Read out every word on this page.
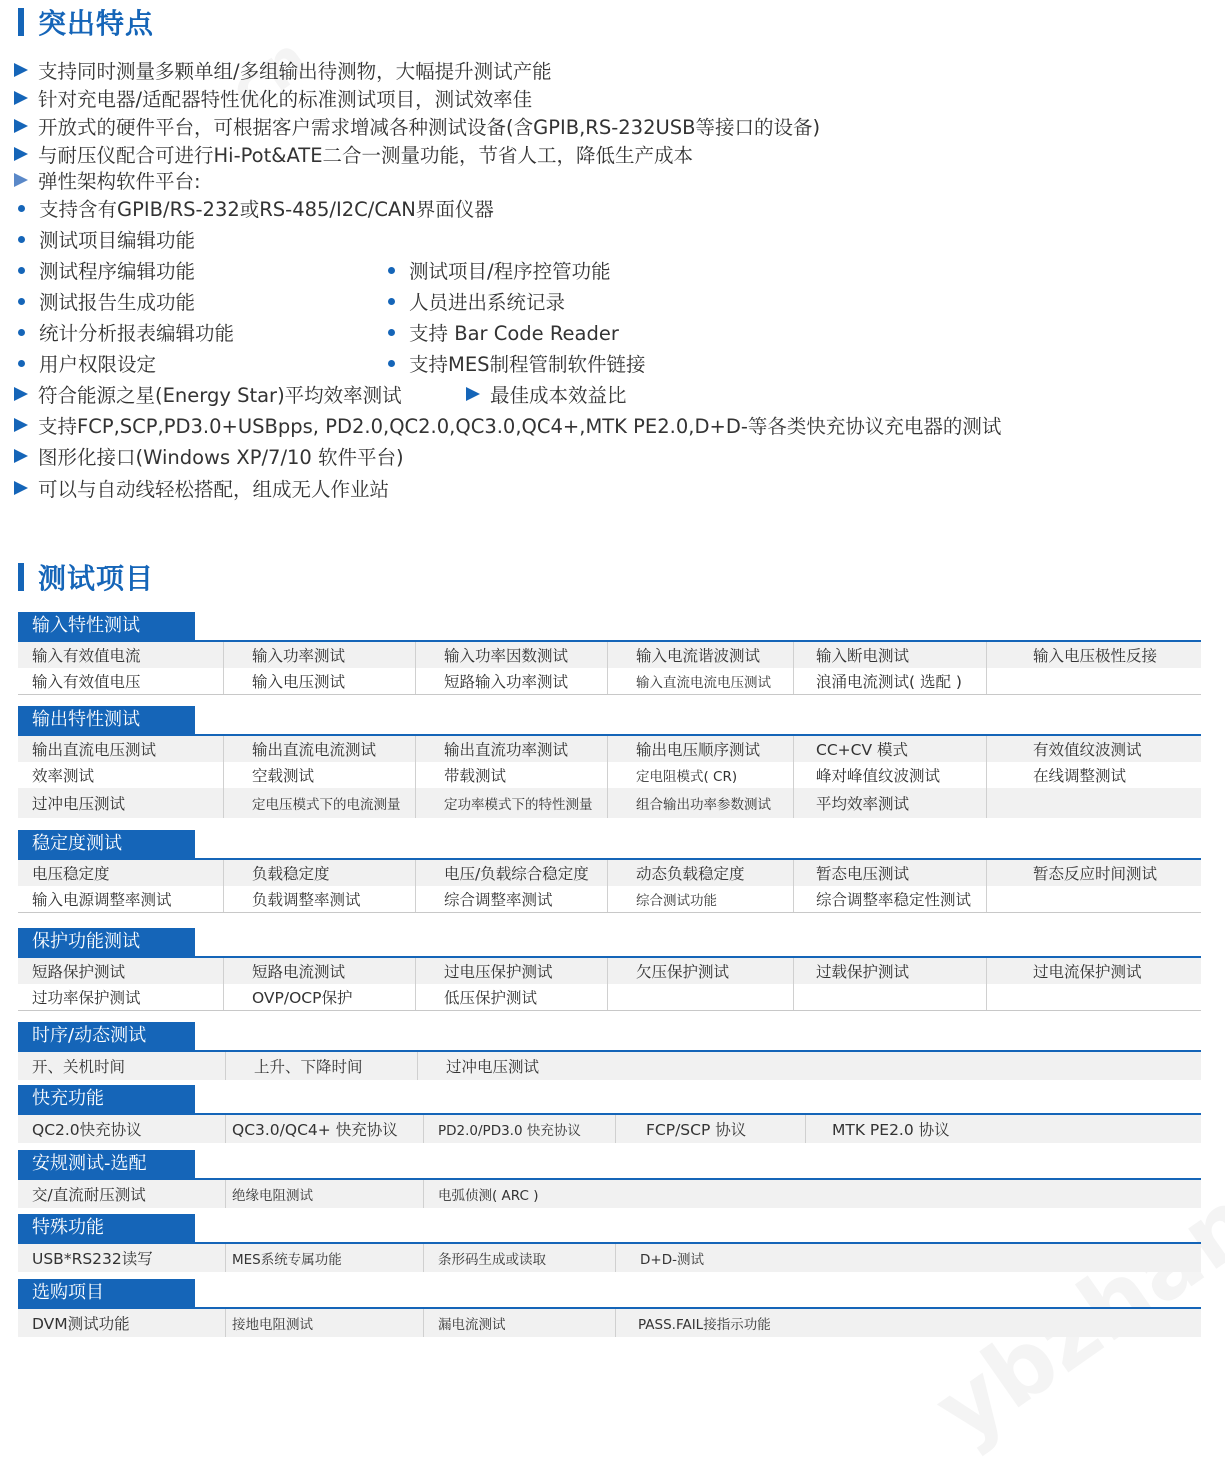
突出特点
支持同时测量多颗单组/多组输出待测物，大幅提升测试产能
针对充电器/适配器特性优化的标准测试项目，测试效率佳
开放式的硬件平台，可根据客户需求增减各种测试设备(含GPIB,RS-232USB等接口的设备)
与耐压仪配合可进行Hi-Pot&ATE二合一测量功能，节省人工，降低生产成本
弹性架构软件平台:
支持含有GPIB/RS-232或RS-485/I2C/CAN界面仪器
测试项目编辑功能
测试程序编辑功能
测试报告生成功能
统计分析报表编辑功能
用户权限设定
测试项目/程序控管功能
人员进出系统记录
支持 Bar Code Reader
支持MES制程管制软件链接
符合能源之星(Energy Star)平均效率测试	最佳成本效益比
支持FCP,SCP,PD3.0+USBpps, PD2.0,QC2.0,QC3.0,QC4+,MTK PE2.0,D+D-等各类快充协议充电器的测试
图形化接口(Windows XP/7/10 软件平台)
可以与自动线轻松搭配，组成无人作业站
测试项目
输入特性测试
输入有效值电流	输入功率测试	输入功率因数测试	输入电流谐波测试	输入断电测试	输入电压极性反接
输入有效值电压	输入电压测试	短路输入功率测试	输入直流电流电压测试	浪涌电流测试( 选配 )
输出特性测试
输出直流电压测试	输出直流电流测试	输出直流功率测试	输出电压顺序测试	CC+CV 模式	有效值纹波测试
效率测试	空载测试	带载测试	定电阻模式( CR)	峰对峰值纹波测试	在线调整测试
过冲电压测试	定电压模式下的电流测量	定功率模式下的特性测量	组合输出功率参数测试	平均效率测试
稳定度测试
电压稳定度	负载稳定度	电压/负载综合稳定度	动态负载稳定度	暂态电压测试	暂态反应时间测试
输入电源调整率测试	负载调整率测试	综合调整率测试	综合测试功能	综合调整率稳定性测试
保护功能测试
短路保护测试	短路电流测试	过电压保护测试	欠压保护测试	过载保护测试	过电流保护测试
过功率保护测试	OVP/OCP保护	低压保护测试
时序/动态测试
开、关机时间	上升、下降时间	过冲电压测试
快充功能
QC2.0快充协议	QC3.0/QC4+ 快充协议	PD2.0/PD3.0 快充协议	FCP/SCP 协议	MTK PE2.0 协议
安规测试-选配
交/直流耐压测试	绝缘电阻测试	电弧侦测( ARC )
特殊功能
USB*RS232读写	MES系统专属功能	条形码生成或读取	D+D-测试
选购项目
DVM测试功能	接地电阻测试	漏电流测试	PASS.FAIL接指示功能
